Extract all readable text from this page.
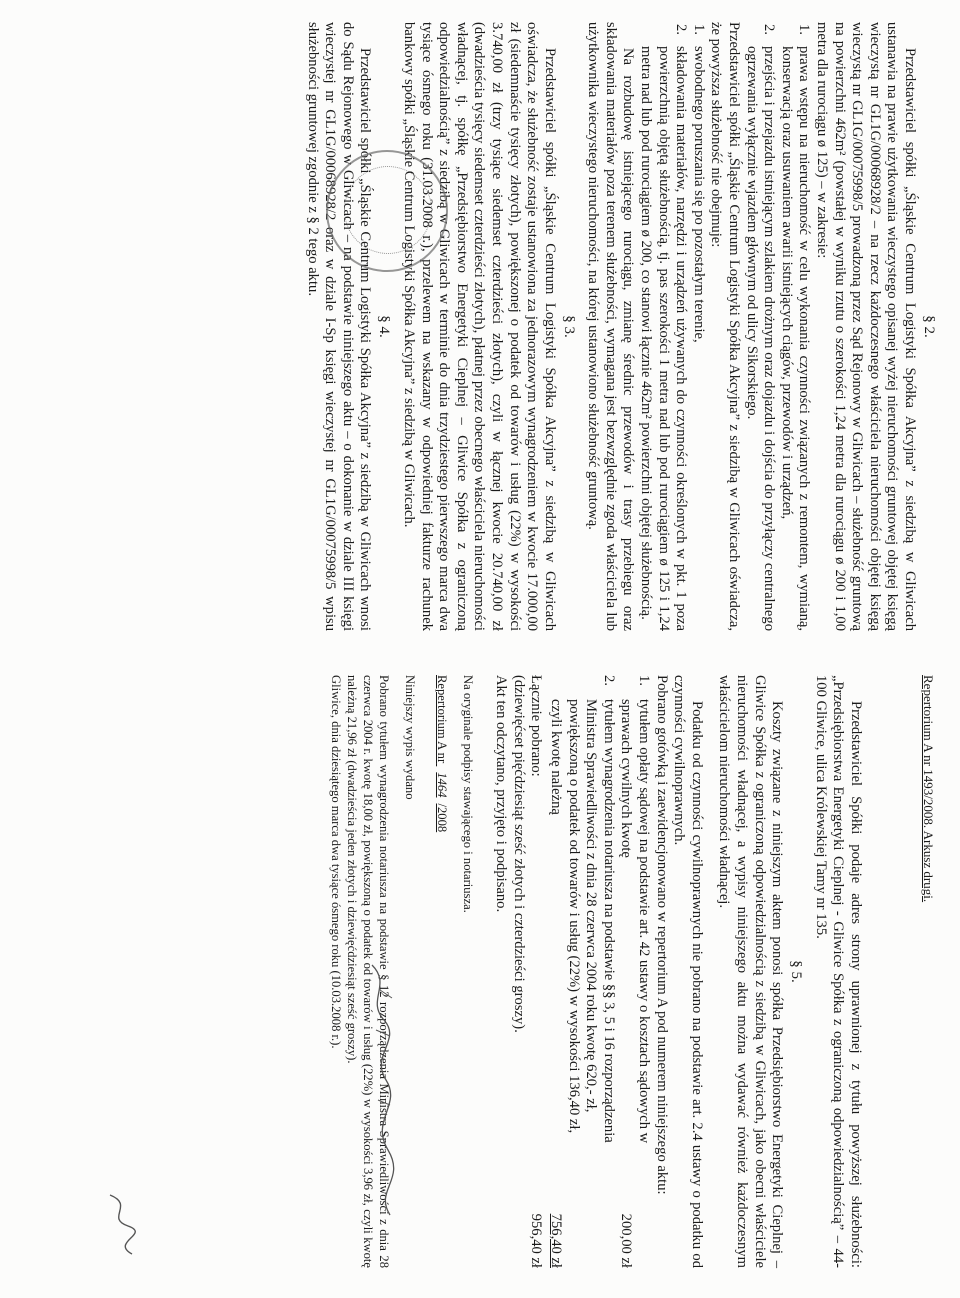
§ 2.

Przedstawiciel spółki „Śląskie Centrum Logistyki Spółka Akcyjna” z siedzibą w Gliwicach ustanawia na prawie użytkowania wieczystego opisanej wyżej nieruchomości gruntowej objętej księgą wieczystą nr GL1G/00068928/2 – na rzecz każdoczesnego właściciela nieruchomości objętej księgą wieczystą nr GL1G/00075998/5 prowadzoną przez Sąd Rejonowy w Gliwicach – służebność gruntową na powierzchni 462m² (powstałej w wyniku rzutu o szerokości 1,24 metra dla rurociągu ø 200 i 1,00 metra dla rurociągu ø 125) – w zakresie:

1.
prawa wstępu na nieruchomość w celu wykonania czynności związanych z remontem, wymianą, konserwacją oraz usuwaniem awarii istniejących ciągów, przewodów i urządzeń,
2.
przejścia i przejazdu istniejącym szlakiem drożnym oraz dojazdu i dojścia do przyłączy centralnego ogrzewania wyłącznie wjazdem głównym od ulicy Sikorskiego.

Przedstawiciel spółki „Śląskie Centrum Logistyki Spółka Akcyjna” z siedzibą w Gliwicach oświadcza, że powyższa służebność nie obejmuje:

1.
swobodnego poruszania się po pozostałym terenie,
2.
składowania materiałów, narzędzi i urządzeń używanych do czynności określonych w pkt. 1 poza powierzchnią objętą służebnością, tj. pas szerokości 1 metra nad lub pod rurociągiem ø 125 i 1,24 metra nad lub pod rurociągiem ø 200, co stanowi łącznie 462m² powierzchni objętej służebnością.

Na rozbudowę istniejącego rurociągu, zmianę średnic przewodów i trasy przebiegu oraz składowania materiałów poza terenem służebności, wymagana jest bezwzględnie zgoda właściciela lub użytkownika wieczystego nieruchomości, na której ustanowiono służebność gruntową.

§ 3.

Przedstawiciel spółki „Śląskie Centrum Logistyki Spółka Akcyjna” z siedzibą w Gliwicach oświadcza, że służebność zostaje ustanowiona za jednorazowym wynagrodzeniem w kwocie 17.000,00 zł (siedemnaście tysięcy złotych), powiększonej o podatek od towarów i usług (22%) w wysokości 3.740,00 zł (trzy tysiące siedemset czterdzieści złotych), czyli w łącznej kwocie 20.740,00 zł (dwadzieścia tysięcy siedemset czterdzieści złotych), płatnej przez obecnego właściciela nieruchomości władnącej, tj. spółkę „Przedsiębiorstwo Energetyki Cieplnej – Gliwice Spółka z ograniczoną odpowiedzialnością” z siedzibą w Gliwicach w terminie do dnia trzydziestego pierwszego marca dwa tysiące ósmego roku (31.03.2008 r.), przelewem na wskazany w odpowiedniej fakturze rachunek bankowy spółki „Śląskie Centrum Logistyki Spółka Akcyjna” z siedzibą w Gliwicach.

§ 4.

Przedstawiciel spółki „Śląskie Centrum Logistyki Spółka Akcyjna” z siedzibą w Gliwicach wnosi do Sądu Rejonowego w Gliwicach – na podstawie niniejszego aktu – o dokonanie w dziale III księgi wieczystej nr GL1G/00068928/2 oraz w dziale I-Sp księgi wieczystej nr GL1G/00075998/5 wpisu służebności gruntowej zgodnie z § 2 tego aktu.

Repertorium A nr 1493/2008. Arkusz drugi.

Przedstawiciel Spółki podaje adres strony uprawnionej z tytułu powyższej służebności: „Przedsiębiorstwa Energetyki Cieplnej - Gliwice Spółka z ograniczoną odpowiedzialnością” – 44-100 Gliwice, ulica Królewskiej Tamy nr 135.

§ 5.

Koszty związane z niniejszym aktem ponosi spółka Przedsiębiorstwo Energetyki Cieplnej – Gliwice Spółka z ograniczoną odpowiedzialnością z siedzibą w Gliwicach, jako obecni właściciele nieruchomości władnącej, a wypisy niniejszego aktu można wydawać również każdoczesnym właścicielom nieruchomości władnącej.

Podatku od czynności cywilnoprawnych nie pobrano na podstawie art. 2.4 ustawy o podatku od czynności cywilnoprawnych.

Pobrano gotówką i zaewidencjonowano w repertorium A pod numerem niniejszego aktu:

1.	tytułem opłaty sądowej na podstawie art. 42 ustawy o kosztach sądowych w sprawach cywilnych kwotę	200,00 zł
2.	tytułem wynagrodzenia notariusza na podstawie §§ 3, 5 i 16 rozporządzenia Ministra Sprawiedliwości z dnia 28 czerwca 2004 roku kwotę 620,- zł, powiększoną o podatek od towarów i usług (22%) w wysokości 136,40 zł, czyli kwotę należną	756,40 zł
Łącznie pobrano:		956,40 zł

(dziewięćset pięćdziesiąt sześć złotych i czterdzieści groszy).

Akt ten odczytano, przyjęto i podpisano.

Na oryginale podpisy stawającego i notariusza.

Repertorium A nr 1464/2008

Niniejszy wypis wydano

Pobrano tytułem wynagrodzenia notariusza na podstawie § 12 rozporządzenia Ministra Sprawiedliwości z dnia 28 czerwca 2004 r. kwotę 18,00 zł, powiększoną o podatek od towarów i usług (22%) w wysokości 3,96 zł, czyli kwotę należną 21,96 zł (dwadzieścia jeden złotych i dziewięćdziesiąt sześć groszy).

Gliwice, dnia dziesiątego marca dwa tysiące ósmego roku (10.03.2008 r.).
